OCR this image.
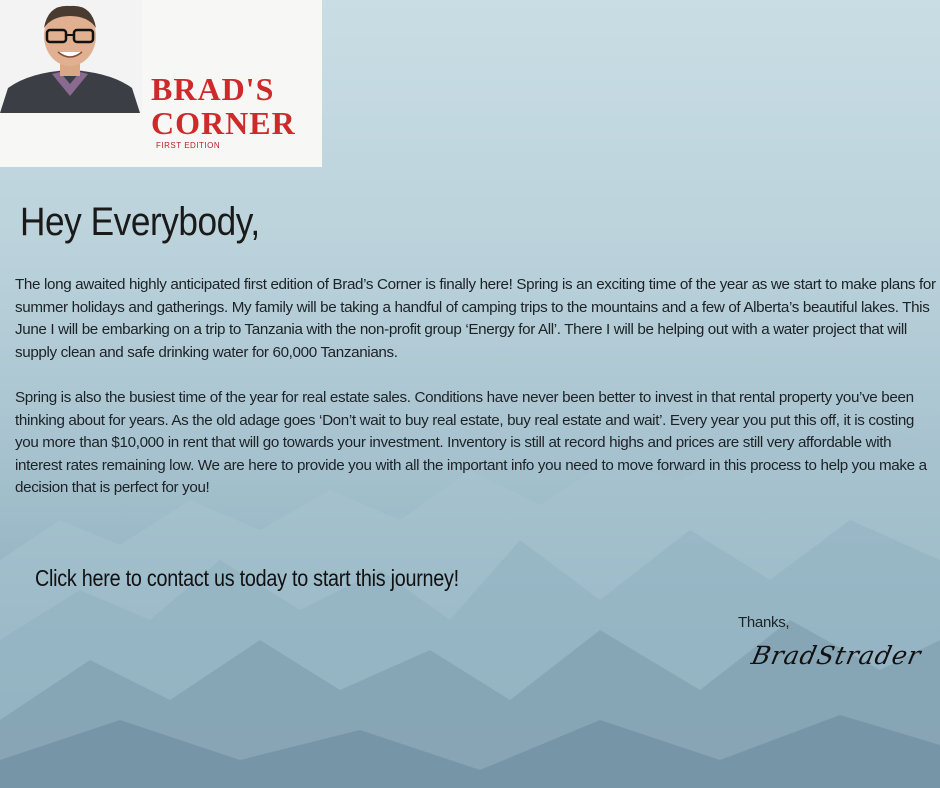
BRAD'S
CORNER
FIRST EDITION
Hey Everybody,

The long awaited highly anticipated first edition of Brad’s Corner is finally here! Spring is an exciting time of the year as we start to make plans for summer holidays and gatherings. My family will be taking a handful of camping trips to the mountains and a few of Alberta’s beautiful lakes. This June I will be embarking on a trip to Tanzania with the non-profit group ‘Energy for All’. There I will be helping out with a water project that will supply clean and safe drinking water for 60,000 Tanzanians.

Spring is also the busiest time of the year for real estate sales. Conditions have never been better to invest in that rental property you’ve been thinking about for years. As the old adage goes ‘Don’t wait to buy real estate, buy real estate and wait’. Every year you put this off, it is costing you more than $10,000 in rent that will go towards your investment. Inventory is still at record highs and prices are still very affordable with interest rates remaining low. We are here to provide you with all the important info you need to move forward in this process to help you make a decision that is perfect for you!

Click here to contact us today to start this journey!
Thanks,
BradStrader
